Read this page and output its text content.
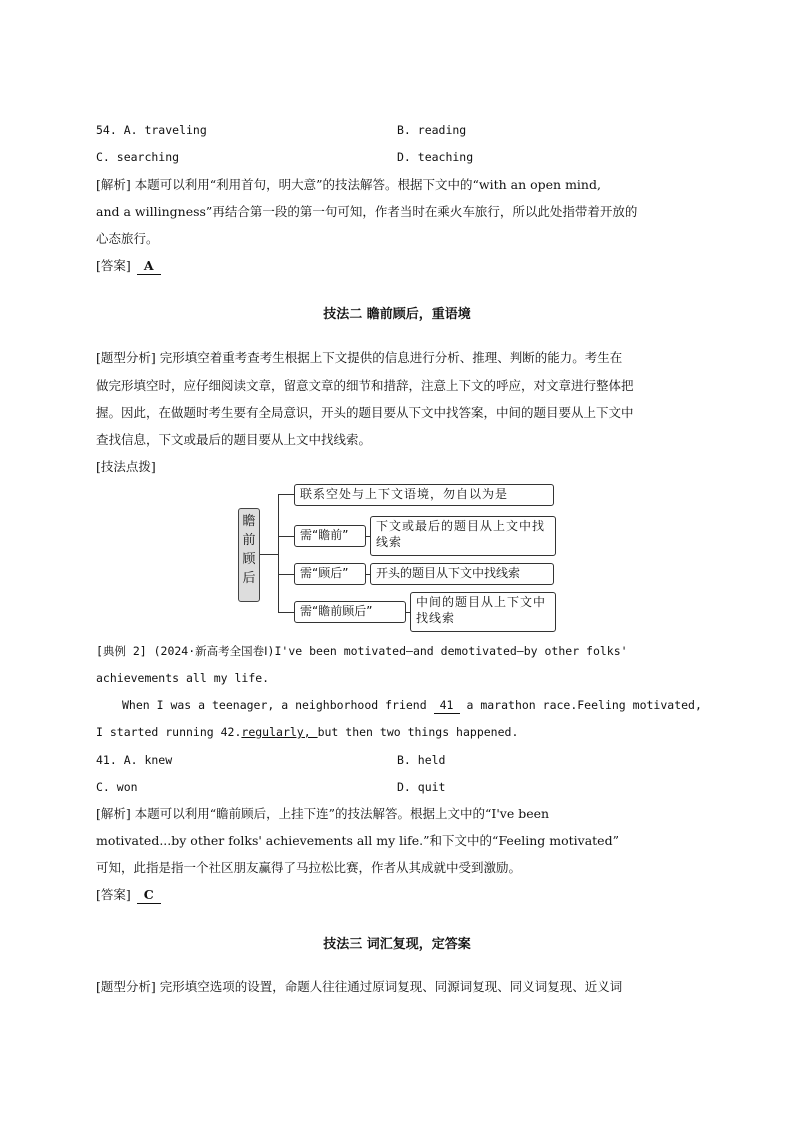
54. A. traveling	B. reading
C. searching	D. teaching
[解析] 本题可以利用“利用首句，明大意”的技法解答。根据下文中的“with an open mind,
and a willingness”再结合第一段的第一句可知，作者当时在乘火车旅行，所以此处指带着开放的
心态旅行。
[答案] A
技法二 瞻前顾后，重语境
[题型分析] 完形填空着重考查考生根据上下文提供的信息进行分析、推理、判断的能力。考生在
做完形填空时，应仔细阅读文章，留意文章的细节和措辞，注意上下文的呼应，对文章进行整体把
握。因此，在做题时考生要有全局意识，开头的题目要从下文中找答案，中间的题目要从上下文中
查找信息，下文或最后的题目要从上文中找线索。
[技法点拨]
瞻前顾后
联系空处与上下文语境，勿自以为是
需“瞻前”
下文或最后的题目从上文中找线索
需“顾后”	开头的题目从下文中找线索
需“瞻前顾后”
中间的题目从上下文中找线索
[典例 2] (2024·新高考全国卷Ⅰ)I've been motivated—and demotivated—by other folks'
achievements all my life.
When I was a teenager, a neighborhood friend 41 a marathon race.Feeling motivated,
I started running 42.regularly, but then two things happened.
41. A. knew	B. held
C. won	D. quit
[解析] 本题可以利用“瞻前顾后，上挂下连”的技法解答。根据上文中的“I've been
motivated...by other folks' achievements all my life.”和下文中的“Feeling motivated”
可知，此指是指一个社区朋友赢得了马拉松比赛，作者从其成就中受到激励。
[答案] C
技法三 词汇复现，定答案
[题型分析] 完形填空选项的设置，命题人往往通过原词复现、同源词复现、同义词复现、近义词
